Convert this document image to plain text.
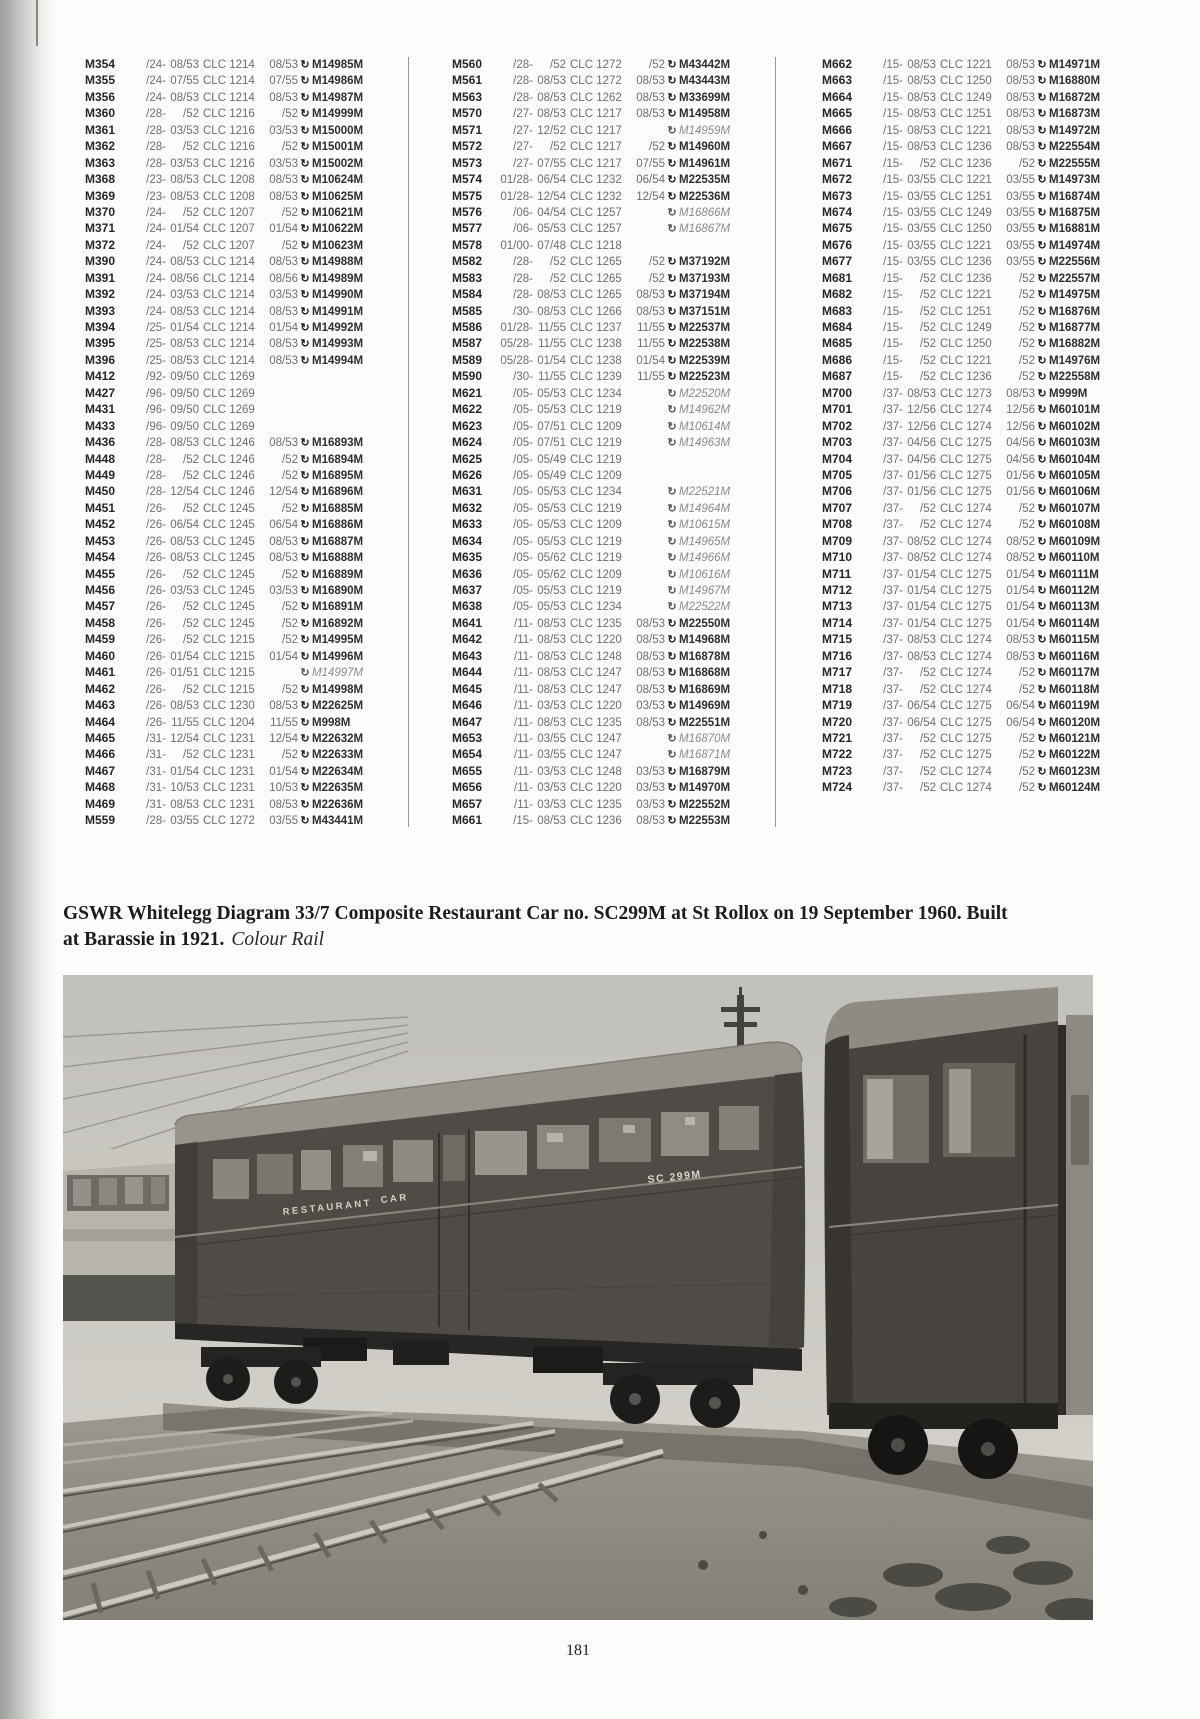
M354	/24- 08/53 CLC 1214	08/53 ↻ M14985M
M355	/24- 07/55 CLC 1214	07/55 ↻ M14986M
M356	/24- 08/53 CLC 1214	08/53 ↻ M14987M
M360	/28-	/52 CLC 1216	/52 ↻ M14999M
M361	/28- 03/53 CLC 1216	03/53 ↻ M15000M
M362	/28-	/52 CLC 1216	/52 ↻ M15001M
M363	/28- 03/53 CLC 1216	03/53 ↻ M15002M
M368	/23- 08/53 CLC 1208	08/53 ↻ M10624M
M369	/23- 08/53 CLC 1208	08/53 ↻ M10625M
M370	/24-	/52 CLC 1207	/52 ↻ M10621M
M371	/24- 01/54 CLC 1207	01/54 ↻ M10622M
M372	/24-	/52 CLC 1207	/52 ↻ M10623M
M390	/24- 08/53 CLC 1214	08/53 ↻ M14988M
M391	/24- 08/56 CLC 1214	08/56 ↻ M14989M
M392	/24- 03/53 CLC 1214	03/53 ↻ M14990M
M393	/24- 08/53 CLC 1214	08/53 ↻ M14991M
M394	/25- 01/54 CLC 1214	01/54 ↻ M14992M
M395	/25- 08/53 CLC 1214	08/53 ↻ M14993M
M396	/25- 08/53 CLC 1214	08/53 ↻ M14994M
M412	/92- 09/50 CLC 1269
M427	/96- 09/50 CLC 1269
M431	/96- 09/50 CLC 1269
M433	/96- 09/50 CLC 1269
M436	/28- 08/53 CLC 1246	08/53 ↻ M16893M
M448	/28-	/52 CLC 1246	/52 ↻ M16894M
M449	/28-	/52 CLC 1246	/52 ↻ M16895M
M450	/28- 12/54 CLC 1246	12/54 ↻ M16896M
M451	/26-	/52 CLC 1245	/52 ↻ M16885M
M452	/26- 06/54 CLC 1245	06/54 ↻ M16886M
M453	/26- 08/53 CLC 1245	08/53 ↻ M16887M
M454	/26- 08/53 CLC 1245	08/53 ↻ M16888M
M455	/26-	/52 CLC 1245	/52 ↻ M16889M
M456	/26- 03/53 CLC 1245	03/53 ↻ M16890M
M457	/26-	/52 CLC 1245	/52 ↻ M16891M
M458	/26-	/52 CLC 1245	/52 ↻ M16892M
M459	/26-	/52 CLC 1215	/52 ↻ M14995M
M460	/26- 01/54 CLC 1215	01/54 ↻ M14996M
M461	/26- 01/51 CLC 1215	↻ M14997M
M462	/26-	/52 CLC 1215	/52 ↻ M14998M
M463	/26- 08/53 CLC 1230	08/53 ↻ M22625M
M464	/26- 11/55 CLC 1204	11/55 ↻ M998M
M465	/31- 12/54 CLC 1231	12/54 ↻ M22632M
M466	/31-	/52 CLC 1231	/52 ↻ M22633M
M467	/31- 01/54 CLC 1231	01/54 ↻ M22634M
M468	/31- 10/53 CLC 1231	10/53 ↻ M22635M
M469	/31- 08/53 CLC 1231	08/53 ↻ M22636M
M559	/28- 03/55 CLC 1272	03/55 ↻ M43441M
M560	/28-	/52 CLC 1272	/52 ↻ M43442M
M561	/28- 08/53 CLC 1272	08/53 ↻ M43443M
M563	/28- 08/53 CLC 1262	08/53 ↻ M33699M
M570	/27- 08/53 CLC 1217	08/53 ↻ M14958M
M571	/27- 12/52 CLC 1217	↻ M14959M
M572	/27-	/52 CLC 1217	/52 ↻ M14960M
M573	/27- 07/55 CLC 1217	07/55 ↻ M14961M
M574	01/28- 06/54 CLC 1232	06/54 ↻ M22535M
M575	01/28- 12/54 CLC 1232	12/54 ↻ M22536M
M576	/06- 04/54 CLC 1257	↻ M16866M
M577	/06- 05/53 CLC 1257	↻ M16867M
M578	01/00- 07/48 CLC 1218
M582	/28-	/52 CLC 1265	/52 ↻ M37192M
M583	/28-	/52 CLC 1265	/52 ↻ M37193M
M584	/28- 08/53 CLC 1265	08/53 ↻ M37194M
M585	/30- 08/53 CLC 1266	08/53 ↻ M37151M
M586	01/28- 11/55 CLC 1237	11/55 ↻ M22537M
M587	05/28- 11/55 CLC 1238	11/55 ↻ M22538M
M589	05/28- 01/54 CLC 1238	01/54 ↻ M22539M
M590	/30- 11/55 CLC 1239	11/55 ↻ M22523M
M621	/05- 05/53 CLC 1234	↻ M22520M
M622	/05- 05/53 CLC 1219	↻ M14962M
M623	/05- 07/51 CLC 1209	↻ M10614M
M624	/05- 07/51 CLC 1219	↻ M14963M
M625	/05- 05/49 CLC 1219
M626	/05- 05/49 CLC 1209
M631	/05- 05/53 CLC 1234	↻ M22521M
M632	/05- 05/53 CLC 1219	↻ M14964M
M633	/05- 05/53 CLC 1209	↻ M10615M
M634	/05- 05/53 CLC 1219	↻ M14965M
M635	/05- 05/62 CLC 1219	↻ M14966M
M636	/05- 05/62 CLC 1209	↻ M10616M
M637	/05- 05/53 CLC 1219	↻ M14967M
M638	/05- 05/53 CLC 1234	↻ M22522M
M641	/11- 08/53 CLC 1235	08/53 ↻ M22550M
M642	/11- 08/53 CLC 1220	08/53 ↻ M14968M
M643	/11- 08/53 CLC 1248	08/53 ↻ M16878M
M644	/11- 08/53 CLC 1247	08/53 ↻ M16868M
M645	/11- 08/53 CLC 1247	08/53 ↻ M16869M
M646	/11- 03/53 CLC 1220	03/53 ↻ M14969M
M647	/11- 08/53 CLC 1235	08/53 ↻ M22551M
M653	/11- 03/55 CLC 1247	↻ M16870M
M654	/11- 03/55 CLC 1247	↻ M16871M
M655	/11- 03/53 CLC 1248	03/53 ↻ M16879M
M656	/11- 03/53 CLC 1220	03/53 ↻ M14970M
M657	/11- 03/53 CLC 1235	03/53 ↻ M22552M
M661	/15- 08/53 CLC 1236	08/53 ↻ M22553M
M662	/15- 08/53 CLC 1221	08/53 ↻ M14971M
M663	/15- 08/53 CLC 1250	08/53 ↻ M16880M
M664	/15- 08/53 CLC 1249	08/53 ↻ M16872M
M665	/15- 08/53 CLC 1251	08/53 ↻ M16873M
M666	/15- 08/53 CLC 1221	08/53 ↻ M14972M
M667	/15- 08/53 CLC 1236	08/53 ↻ M22554M
M671	/15-	/52 CLC 1236	/52 ↻ M22555M
M672	/15- 03/55 CLC 1221	03/55 ↻ M14973M
M673	/15- 03/55 CLC 1251	03/55 ↻ M16874M
M674	/15- 03/55 CLC 1249	03/55 ↻ M16875M
M675	/15- 03/55 CLC 1250	03/55 ↻ M16881M
M676	/15- 03/55 CLC 1221	03/55 ↻ M14974M
M677	/15- 03/55 CLC 1236	03/55 ↻ M22556M
M681	/15-	/52 CLC 1236	/52 ↻ M22557M
M682	/15-	/52 CLC 1221	/52 ↻ M14975M
M683	/15-	/52 CLC 1251	/52 ↻ M16876M
M684	/15-	/52 CLC 1249	/52 ↻ M16877M
M685	/15-	/52 CLC 1250	/52 ↻ M16882M
M686	/15-	/52 CLC 1221	/52 ↻ M14976M
M687	/15-	/52 CLC 1236	/52 ↻ M22558M
M700	/37- 08/53 CLC 1273	08/53 ↻ M999M
M701	/37- 12/56 CLC 1274	12/56 ↻ M60101M
M702	/37- 12/56 CLC 1274	12/56 ↻ M60102M
M703	/37- 04/56 CLC 1275	04/56 ↻ M60103M
M704	/37- 04/56 CLC 1275	04/56 ↻ M60104M
M705	/37- 01/56 CLC 1275	01/56 ↻ M60105M
M706	/37- 01/56 CLC 1275	01/56 ↻ M60106M
M707	/37-	/52 CLC 1274	/52 ↻ M60107M
M708	/37-	/52 CLC 1274	/52 ↻ M60108M
M709	/37- 08/52 CLC 1274	08/52 ↻ M60109M
M710	/37- 08/52 CLC 1274	08/52 ↻ M60110M
M711	/37- 01/54 CLC 1275	01/54 ↻ M60111M
M712	/37- 01/54 CLC 1275	01/54 ↻ M60112M
M713	/37- 01/54 CLC 1275	01/54 ↻ M60113M
M714	/37- 01/54 CLC 1275	01/54 ↻ M60114M
M715	/37- 08/53 CLC 1274	08/53 ↻ M60115M
M716	/37- 08/53 CLC 1274	08/53 ↻ M60116M
M717	/37-	/52 CLC 1274	/52 ↻ M60117M
M718	/37-	/52 CLC 1274	/52 ↻ M60118M
M719	/37- 06/54 CLC 1275	06/54 ↻ M60119M
M720	/37- 06/54 CLC 1275	06/54 ↻ M60120M
M721	/37-	/52 CLC 1275	/52 ↻ M60121M
M722	/37-	/52 CLC 1275	/52 ↻ M60122M
M723	/37-	/52 CLC 1274	/52 ↻ M60123M
M724	/37-	/52 CLC 1274	/52 ↻ M60124M
GSWR Whitelegg Diagram 33/7 Composite Restaurant Car no. SC299M at St Rollox on 19 September 1960. Built
at Barassie in 1921. Colour Rail
RESTAURANT CAR
SC 299M
181
